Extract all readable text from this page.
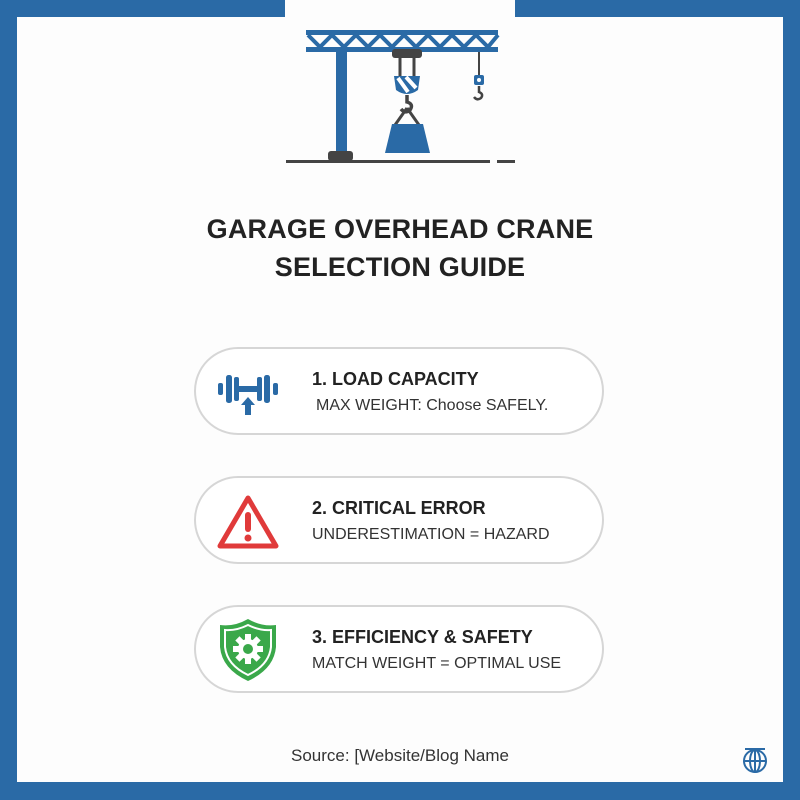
GARAGE OVERHEAD CRANE
SELECTION GUIDE
1. LOAD CAPACITY
MAX WEIGHT: Choose SAFELY.
2. CRITICAL ERROR
UNDERESTIMATION = HAZARD
3. EFFICIENCY & SAFETY
MATCH WEIGHT = OPTIMAL USE
Source: [Website/Blog Name
